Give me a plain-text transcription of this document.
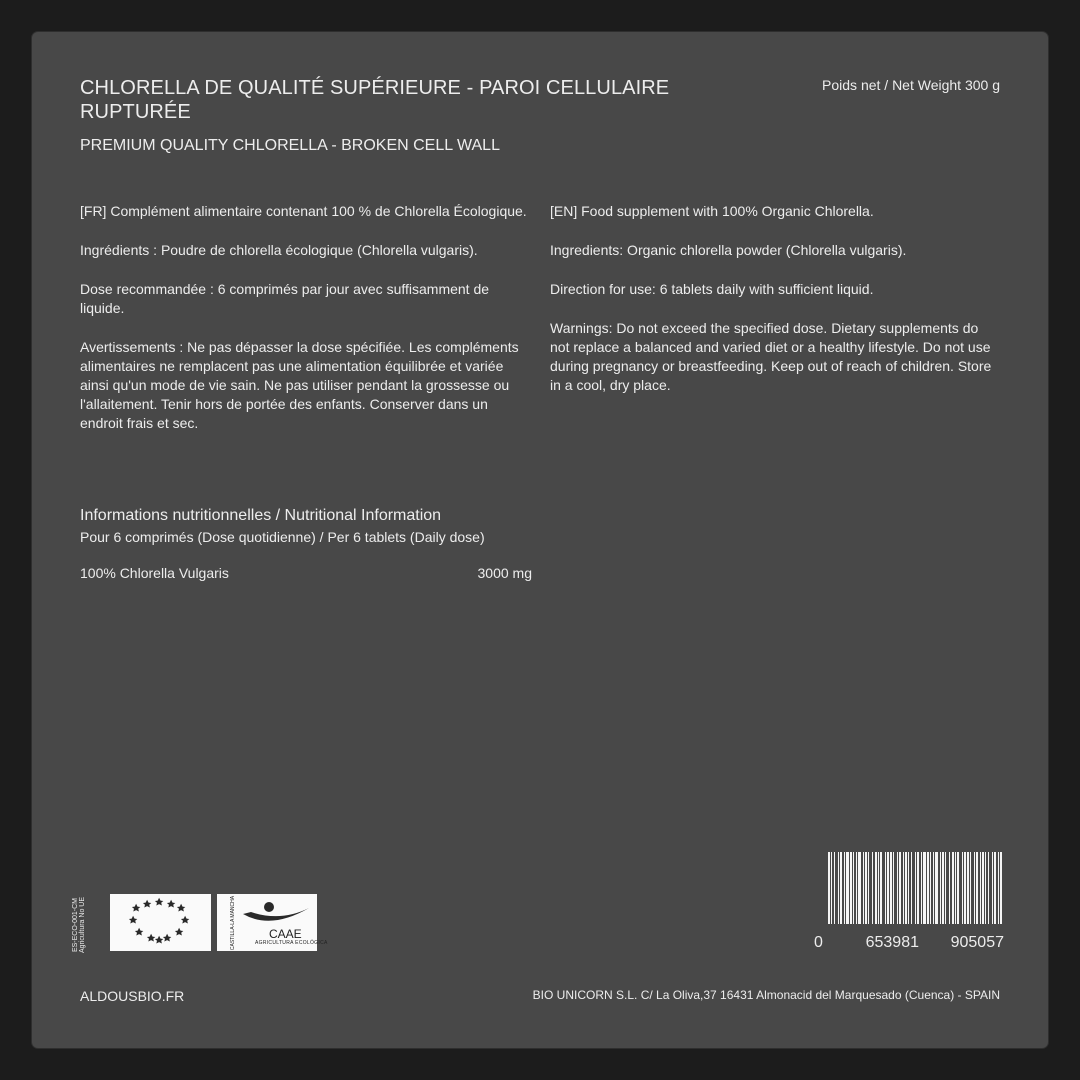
CHLORELLA DE QUALITÉ SUPÉRIEURE - PAROI CELLULAIRE RUPTURÉE
PREMIUM QUALITY CHLORELLA - BROKEN CELL WALL
Poids net / Net Weight 300 g

[FR] Complément alimentaire contenant 100 % de Chlorella Écologique.

Ingrédients : Poudre de chlorella écologique (Chlorella vulgaris).

Dose recommandée : 6 comprimés par jour avec suffisamment de liquide.

Avertissements : Ne pas dépasser la dose spécifiée. Les compléments alimentaires ne remplacent pas une alimentation équilibrée et variée ainsi qu'un mode de vie sain. Ne pas utiliser pendant la grossesse ou l'allaitement. Tenir hors de portée des enfants. Conserver dans un endroit frais et sec.

[EN] Food supplement with 100% Organic Chlorella.

Ingredients: Organic chlorella powder (Chlorella vulgaris).

Direction for use: 6 tablets daily with sufficient liquid.

Warnings: Do not exceed the specified dose. Dietary supplements do not replace a balanced and varied diet or a healthy lifestyle. Do not use during pregnancy or breastfeeding. Keep out of reach of children. Store in a cool, dry place.

Informations nutritionnelles / Nutritional Information
Pour 6 comprimés (Dose quotidienne) / Per 6 tablets (Daily dose)
100% Chlorella Vulgaris	3000 mg
ES-ECO-001-CM Agricultura No UE	CASTILLA-LA MANCHA	CAAE
AGRICULTURA ECOLÓGICA	0	653981 905057
ALDOUSBIO.FR	BIO UNICORN S.L. C/ La Oliva,37 16431 Almonacid del Marquesado (Cuenca) - SPAIN
